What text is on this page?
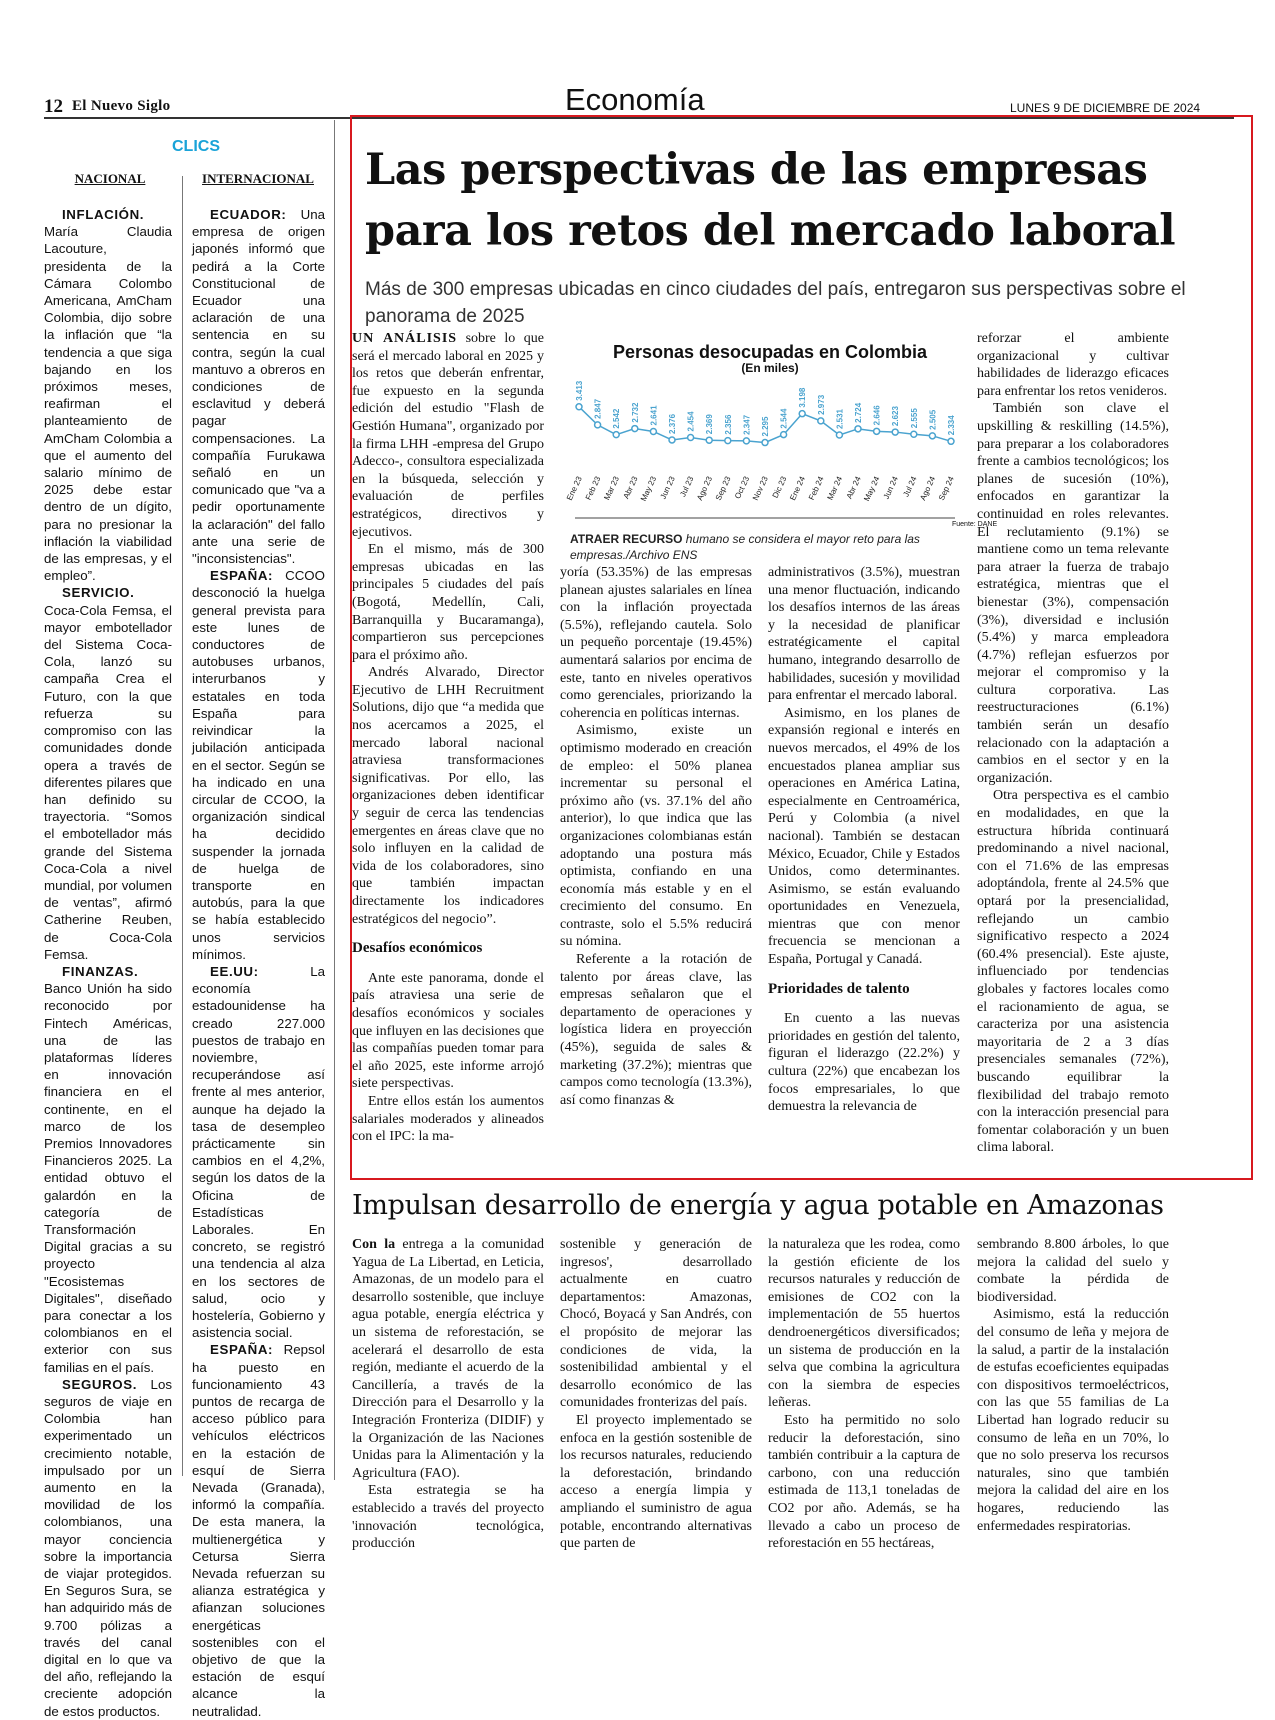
12 El Nuevo Siglo	Economía	LUNES 9 DE DICIEMBRE DE 2024
CLICS
NACIONAL	INTERNACIONAL

INFLACIÓN. María Claudia Lacouture, presidenta de la Cámara Colombo Americana, AmCham Colombia, dijo sobre la inflación que “la tendencia a que siga bajando en los próximos meses, reafirman el planteamiento de AmCham Colombia a que el aumento del salario mínimo de 2025 debe estar dentro de un dígito, para no presionar la inflación la viabilidad de las empresas, y el empleo”.

SERVICIO. Coca-Cola Femsa, el mayor embotellador del Sistema Coca-Cola, lanzó su campaña Crea el Futuro, con la que refuerza su compromiso con las comunidades donde opera a través de diferentes pilares que han definido su trayectoria. “Somos el embotellador más grande del Sistema Coca-Cola a nivel mundial, por volumen de ventas”, afirmó Catherine Reuben, de Coca-Cola Femsa.

FINANZAS. Banco Unión ha sido reconocido por Fintech Américas, una de las plataformas líderes en innovación financiera en el continente, en el marco de los Premios Innovadores Financieros 2025. La entidad obtuvo el galardón en la categoría de Transformación Digital gracias a su proyecto "Ecosistemas Digitales", diseñado para conectar a los colombianos en el exterior con sus familias en el país.

SEGUROS. Los seguros de viaje en Colombia han experimentado un crecimiento notable, impulsado por un aumento en la movilidad de los colombianos, una mayor conciencia sobre la importancia de viajar protegidos. En Seguros Sura, se han adquirido más de 9.700 pólizas a través del canal digital en lo que va del año, reflejando la creciente adopción de estos productos.

ECUADOR: Una empresa de origen japonés informó que pedirá a la Corte Constitucional de Ecuador una aclaración de una sentencia en su contra, según la cual mantuvo a obreros en condiciones de esclavitud y deberá pagar compensaciones. La compañía Furukawa señaló en un comunicado que "va a pedir oportunamente la aclaración" del fallo ante una serie de "inconsistencias".

ESPAÑA: CCOO desconoció la huelga general prevista para este lunes de conductores de autobuses urbanos, interurbanos y estatales en toda España para reivindicar la jubilación anticipada en el sector. Según se ha indicado en una circular de CCOO, la organización sindical ha decidido suspender la jornada de huelga de transporte en autobús, para la que se había establecido unos servicios mínimos.

EE.UU:	La economía estadounidense ha creado 227.000 puestos de trabajo en noviembre, recuperándose así frente al mes anterior, aunque ha dejado la tasa de desempleo prácticamente sin cambios en el 4,2%, según los datos de la Oficina de Estadísticas Laborales. En concreto, se registró una tendencia al alza en los sectores de salud, ocio y hostelería, Gobierno y asistencia social.

ESPAÑA: Repsol ha puesto en funcionamiento 43 puntos de recarga de acceso público para vehículos eléctricos en la estación de esquí de Sierra Nevada (Granada), informó la compañía. De esta manera, la multienergética y Cetursa Sierra Nevada refuerzan su alianza estratégica y afianzan soluciones energéticas sostenibles con el objetivo de que la estación de esquí alcance la neutralidad.

Las perspectivas de las empresas para los retos del mercado laboral
Más de 300 empresas ubicadas en cinco ciudades del país, entregaron sus perspectivas sobre el panorama de 2025

UN ANÁLISIS sobre lo que será el mercado laboral en 2025 y los retos que deberán enfrentar, fue expuesto en la segunda edición del estudio "Flash de Gestión Humana", organizado por la firma LHH -empresa del Grupo Adecco-, consultora especializada en la búsqueda, selección y evaluación de perfiles estratégicos, directivos y ejecutivos.

En el mismo, más de 300 empresas ubicadas en las principales 5 ciudades del país (Bogotá, Medellín, Cali, Barranquilla y Bucaramanga), compartieron sus percepciones para el próximo año.

Andrés Alvarado, Director Ejecutivo de LHH Recruitment Solutions, dijo que “a medida que nos acercamos a 2025, el mercado laboral nacional atraviesa transformaciones significativas. Por ello, las organizaciones deben identificar y seguir de cerca las tendencias emergentes en áreas clave que no solo influyen en la calidad de vida de los colaboradores, sino que también impactan directamente los indicadores estratégicos del negocio”.

Desafíos económicos

Ante este panorama, donde el país atraviesa una serie de desafíos económicos y sociales que influyen en las decisiones que las compañías pueden tomar para el año 2025, este informe arrojó siete perspectivas.

Entre ellos están los aumentos salariales moderados y alineados con el IPC: la ma-

yoría (53.35%) de las empresas planean ajustes salariales en línea con la inflación proyectada (5.5%), reflejando cautela. Solo un pequeño porcentaje (19.45%) aumentará salarios por encima de este, tanto en niveles operativos como gerenciales, priorizando la coherencia en políticas internas.

Asimismo, existe un optimismo moderado en creación de empleo: el 50% planea incrementar su personal el próximo año (vs. 37.1% del año anterior), lo que indica que las organizaciones colombianas están adoptando una postura más optimista, confiando en una economía más estable y en el crecimiento del consumo. En contraste, solo el 5.5% reducirá su nómina.

Referente a la rotación de talento por áreas clave, las empresas señalaron que el departamento de operaciones y logística lidera en proyección (45%), seguida de sales & marketing (37.2%); mientras que campos como tecnología (13.3%), así como finanzas &

administrativos (3.5%), muestran una menor fluctuación, indicando los desafíos internos de las áreas y la necesidad de planificar estratégicamente el capital humano, integrando desarrollo de habilidades, sucesión y movilidad para enfrentar el mercado laboral.

Asimismo, en los planes de expansión regional e interés en nuevos mercados, el 49% de los encuestados planea ampliar sus operaciones en América Latina, especialmente en Centroamérica, Perú y Colombia (a nivel nacional). También se destacan México, Ecuador, Chile y Estados Unidos, como determinantes. Asimismo, se están evaluando oportunidades en Venezuela, mientras que con menor frecuencia se mencionan a España, Portugal y Canadá.

Prioridades de talento

En cuento a las nuevas prioridades en gestión del talento, figuran el liderazgo (22.2%) y cultura (22%) que encabezan los focos empresariales, lo que demuestra la relevancia de

reforzar el ambiente organizacional y cultivar habilidades de liderazgo eficaces para enfrentar los retos venideros.

También son clave el upskilling & reskilling (14.5%), para preparar a los colaboradores frente a cambios tecnológicos; los planes de sucesión (10%), enfocados en garantizar la continuidad en roles relevantes. El reclutamiento (9.1%) se mantiene como un tema relevante para atraer la fuerza de trabajo estratégica, mientras que el bienestar (3%), compensación (3%), diversidad e inclusión (5.4%) y marca empleadora (4.7%) reflejan esfuerzos por mejorar el compromiso y la cultura corporativa. Las reestructuraciones (6.1%) también serán un desafío relacionado con la adaptación a cambios en el sector y en la organización.

Otra perspectiva es el cambio en modalidades, en que la estructura híbrida continuará predominando a nivel nacional, con el 71.6% de las empresas adoptándola, frente al 24.5% que optará por la presencialidad, reflejando un cambio significativo respecto a 2024 (60.4% presencial). Este ajuste, influenciado por tendencias globales y factores locales como el racionamiento de agua, se caracteriza por una asistencia mayoritaria de 2 a 3 días presenciales semanales (72%), buscando equilibrar la flexibilidad del trabajo remoto con la interacción presencial para fomentar colaboración y un buen clima laboral.

Personas desocupadas en Colombia
(En miles)
3.413
Ene 23
2.847
Feb 23
2.542
Mar 23
2.732
Abr 23
2.641
May 23
2.376
Jun 23
2.454
Jul 23
2.369
Ago 23
2.356
Sep 23
2.347
Oct 23
2.295
Nov 23
2.544
Dic 23
3.198
Ene 24
2.973
Feb 24
2.531
Mar 24
2.724
Abr 24
2.646
May 24
2.623
Jun 24
2.555
Jul 24
2.505
Ago 24
2.334
Sep 24
Fuente: DANE
ATRAER RECURSO humano se considera el mayor reto para las empresas./Archivo ENS
Impulsan desarrollo de energía y agua potable en Amazonas

Con la entrega a la comunidad Yagua de La Libertad, en Leticia, Amazonas, de un modelo para el desarrollo sostenible, que incluye agua potable, energía eléctrica y un sistema de reforestación, se acelerará el desarrollo de esta región, mediante el acuerdo de la Cancillería, a través de la Dirección para el Desarrollo y la Integración Fronteriza (DIDIF) y la Organización de las Naciones Unidas para la Alimentación y la Agricultura (FAO).

Esta estrategia se ha establecido a través del proyecto 'innovación tecnológica, producción

sostenible y generación de ingresos', desarrollado actualmente en cuatro departamentos: Amazonas, Chocó, Boyacá y San Andrés, con el propósito de mejorar las condiciones de vida, la sostenibilidad ambiental y el desarrollo económico de las comunidades fronterizas del país.

El proyecto implementado se enfoca en la gestión sostenible de los recursos naturales, reduciendo la deforestación, brindando acceso a energía limpia y ampliando el suministro de agua potable, encontrando alternativas que parten de

la naturaleza que les rodea, como la gestión eficiente de los recursos naturales y reducción de emisiones de CO2 con la implementación de 55 huertos dendroenergéticos diversificados; un sistema de producción en la selva que combina la agricultura con la siembra de especies leñeras.

Esto ha permitido no solo reducir la deforestación, sino también contribuir a la captura de carbono, con una reducción estimada de 113,1 toneladas de CO2 por año. Además, se ha llevado a cabo un proceso de reforestación en 55 hectáreas,

sembrando 8.800 árboles, lo que mejora la calidad del suelo y combate la pérdida de biodiversidad.

Asimismo, está la reducción del consumo de leña y mejora de la salud, a partir de la instalación de estufas ecoeficientes equipadas con dispositivos termoeléctricos, con las que 55 familias de La Libertad han logrado reducir su consumo de leña en un 70%, lo que no solo preserva los recursos naturales, sino que también mejora la calidad del aire en los hogares, reduciendo las enfermedades respiratorias.
